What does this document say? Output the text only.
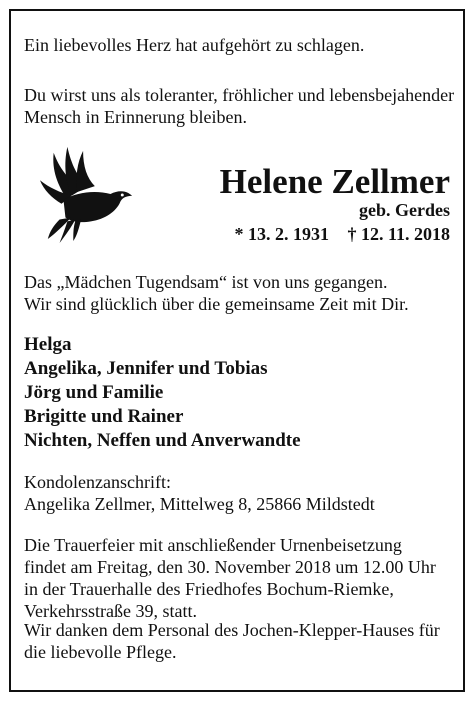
Ein liebevolles Herz hat aufgehört zu schlagen.
Du wirst uns als toleranter, fröhlicher und lebensbejahender
Mensch in Erinnerung bleiben.
Helene Zellmer
geb. Gerdes
* 13. 2. 1931 † 12. 11. 2018
Das „Mädchen Tugendsam“ ist von uns gegangen.
Wir sind glücklich über die gemeinsame Zeit mit Dir.
Helga
Angelika, Jennifer und Tobias
Jörg und Familie
Brigitte und Rainer
Nichten, Neffen und Anverwandte
Kondolenzanschrift:
Angelika Zellmer, Mittelweg 8, 25866 Mildstedt
Die Trauerfeier mit anschließender Urnenbeisetzung
findet am Freitag, den 30. November 2018 um 12.00 Uhr
in der Trauerhalle des Friedhofes Bochum-Riemke,
Verkehrsstraße 39, statt.
Wir danken dem Personal des Jochen-Klepper-Hauses für
die liebevolle Pflege.
